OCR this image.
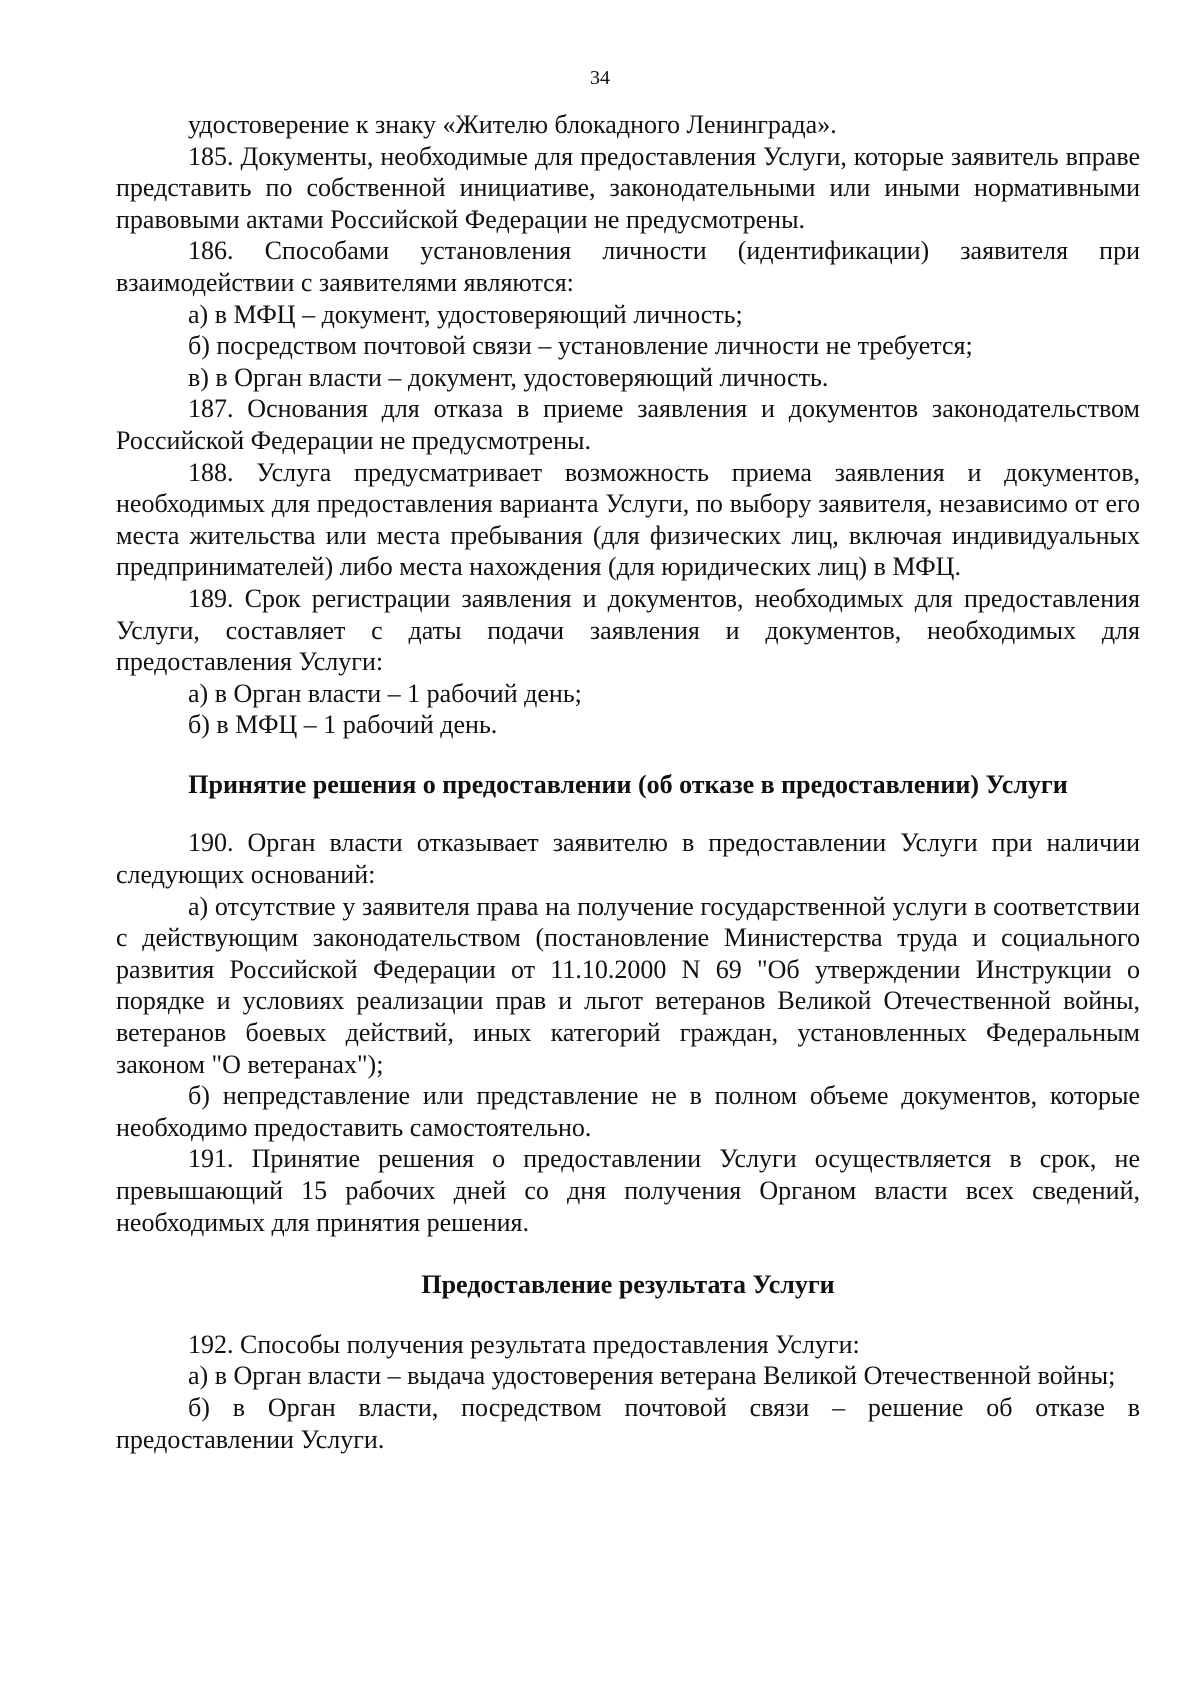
34

удостоверение к знаку «Жителю блокадного Ленинграда».

185. Документы, необходимые для предоставления Услуги, которые заявитель вправе представить по собственной инициативе, законодательными или иными нормативными правовыми актами Российской Федерации не предусмотрены.

186. Способами установления личности (идентификации) заявителя при взаимодействии с заявителями являются:

а) в МФЦ – документ, удостоверяющий личность;

б) посредством почтовой связи – установление личности не требуется;

в) в Орган власти – документ, удостоверяющий личность.

187. Основания для отказа в приеме заявления и документов законодательством Российской Федерации не предусмотрены.

188. Услуга предусматривает возможность приема заявления и документов, необходимых для предоставления варианта Услуги, по выбору заявителя, независимо от его места жительства или места пребывания (для физических лиц, включая индивидуальных предпринимателей) либо места нахождения (для юридических лиц) в МФЦ.

189. Срок регистрации заявления и документов, необходимых для предоставления Услуги, составляет с даты подачи заявления и документов, необходимых для предоставления Услуги:

а) в Орган власти – 1 рабочий день;

б) в МФЦ – 1 рабочий день.

Принятие решения о предоставлении (об отказе в предоставлении) Услуги

190. Орган власти отказывает заявителю в предоставлении Услуги при наличии следующих оснований:

а) отсутствие у заявителя права на получение государственной услуги в соответствии с действующим законодательством (постановление Министерства труда и социального развития Российской Федерации от 11.10.2000 N 69 "Об утверждении Инструкции о порядке и условиях реализации прав и льгот ветеранов Великой Отечественной войны, ветеранов боевых действий, иных категорий граждан, установленных Федеральным законом "О ветеранах");

б) непредставление или представление не в полном объеме документов, которые необходимо предоставить самостоятельно.

191. Принятие решения о предоставлении Услуги осуществляется в срок, не превышающий 15 рабочих дней со дня получения Органом власти всех сведений, необходимых для принятия решения.

Предоставление результата Услуги

192. Способы получения результата предоставления Услуги:

а) в Орган власти – выдача удостоверения ветерана Великой Отечественной войны;

б) в Орган власти, посредством почтовой связи – решение об отказе в предоставлении Услуги.
